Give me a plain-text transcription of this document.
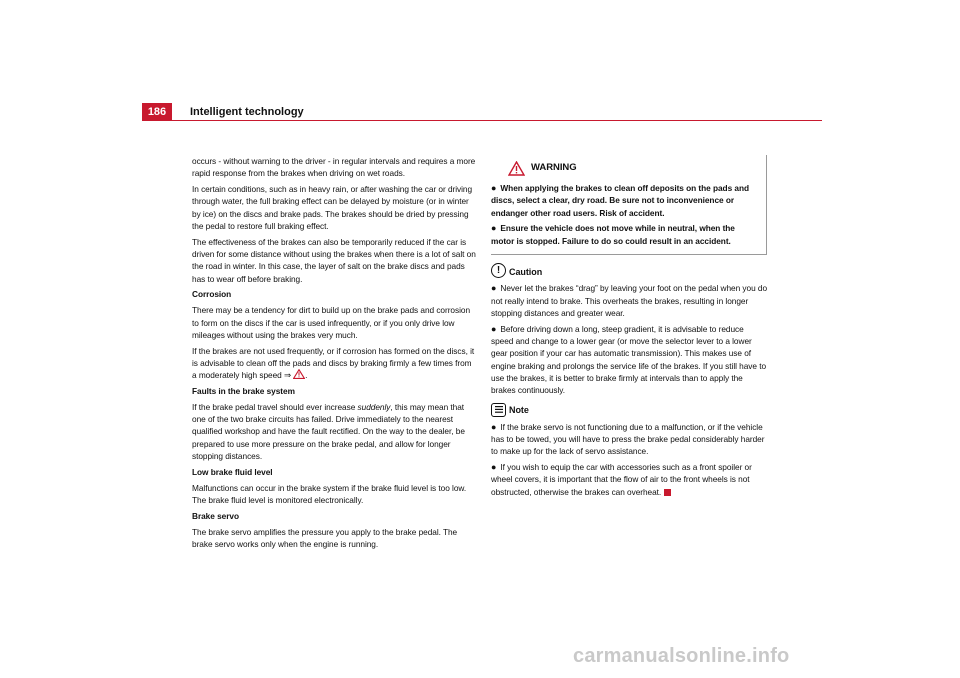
186	Intelligent technology

occurs - without warning to the driver - in regular intervals and requires a more rapid response from the brakes when driving on wet roads.

In certain conditions, such as in heavy rain, or after washing the car or driving through water, the full braking effect can be delayed by moisture (or in winter by ice) on the discs and brake pads. The brakes should be dried by pressing the pedal to restore full braking effect.

The effectiveness of the brakes can also be temporarily reduced if the car is driven for some distance without using the brakes when there is a lot of salt on the road in winter. In this case, the layer of salt on the brake discs and pads has to wear off before braking.

Corrosion

There may be a tendency for dirt to build up on the brake pads and corrosion to form on the discs if the car is used infrequently, or if you only drive low mileages without using the brakes very much.

If the brakes are not used frequently, or if corrosion has formed on the discs, it is advisable to clean off the pads and discs by braking firmly a few times from a moderately high speed ⇒ .

Faults in the brake system

If the brake pedal travel should ever increase suddenly, this may mean that one of the two brake circuits has failed. Drive immediately to the nearest qualified workshop and have the fault rectified. On the way to the dealer, be prepared to use more pressure on the brake pedal, and allow for longer stopping distances.

Low brake fluid level

Malfunctions can occur in the brake system if the brake fluid level is too low. The brake fluid level is monitored electronically.

Brake servo

The brake servo amplifies the pressure you apply to the brake pedal. The brake servo works only when the engine is running.

WARNING

● When applying the brakes to clean off deposits on the pads and discs, select a clear, dry road. Be sure not to inconvenience or endanger other road users. Risk of accident.

● Ensure the vehicle does not move while in neutral, when the motor is stopped. Failure to do so could result in an accident.

! Caution

● Never let the brakes “drag” by leaving your foot on the pedal when you do not really intend to brake. This overheats the brakes, resulting in longer stopping distances and greater wear.

● Before driving down a long, steep gradient, it is advisable to reduce speed and change to a lower gear (or move the selector lever to a lower gear position if your car has automatic transmission). This makes use of engine braking and prolongs the service life of the brakes. If you still have to use the brakes, it is better to brake firmly at intervals than to apply the brakes continuously.

Note

● If the brake servo is not functioning due to a malfunction, or if the vehicle has to be towed, you will have to press the brake pedal considerably harder to make up for the lack of servo assistance.

● If you wish to equip the car with accessories such as a front spoiler or wheel covers, it is important that the flow of air to the front wheels is not obstructed, otherwise the brakes can overheat.

carmanualsonline.info
